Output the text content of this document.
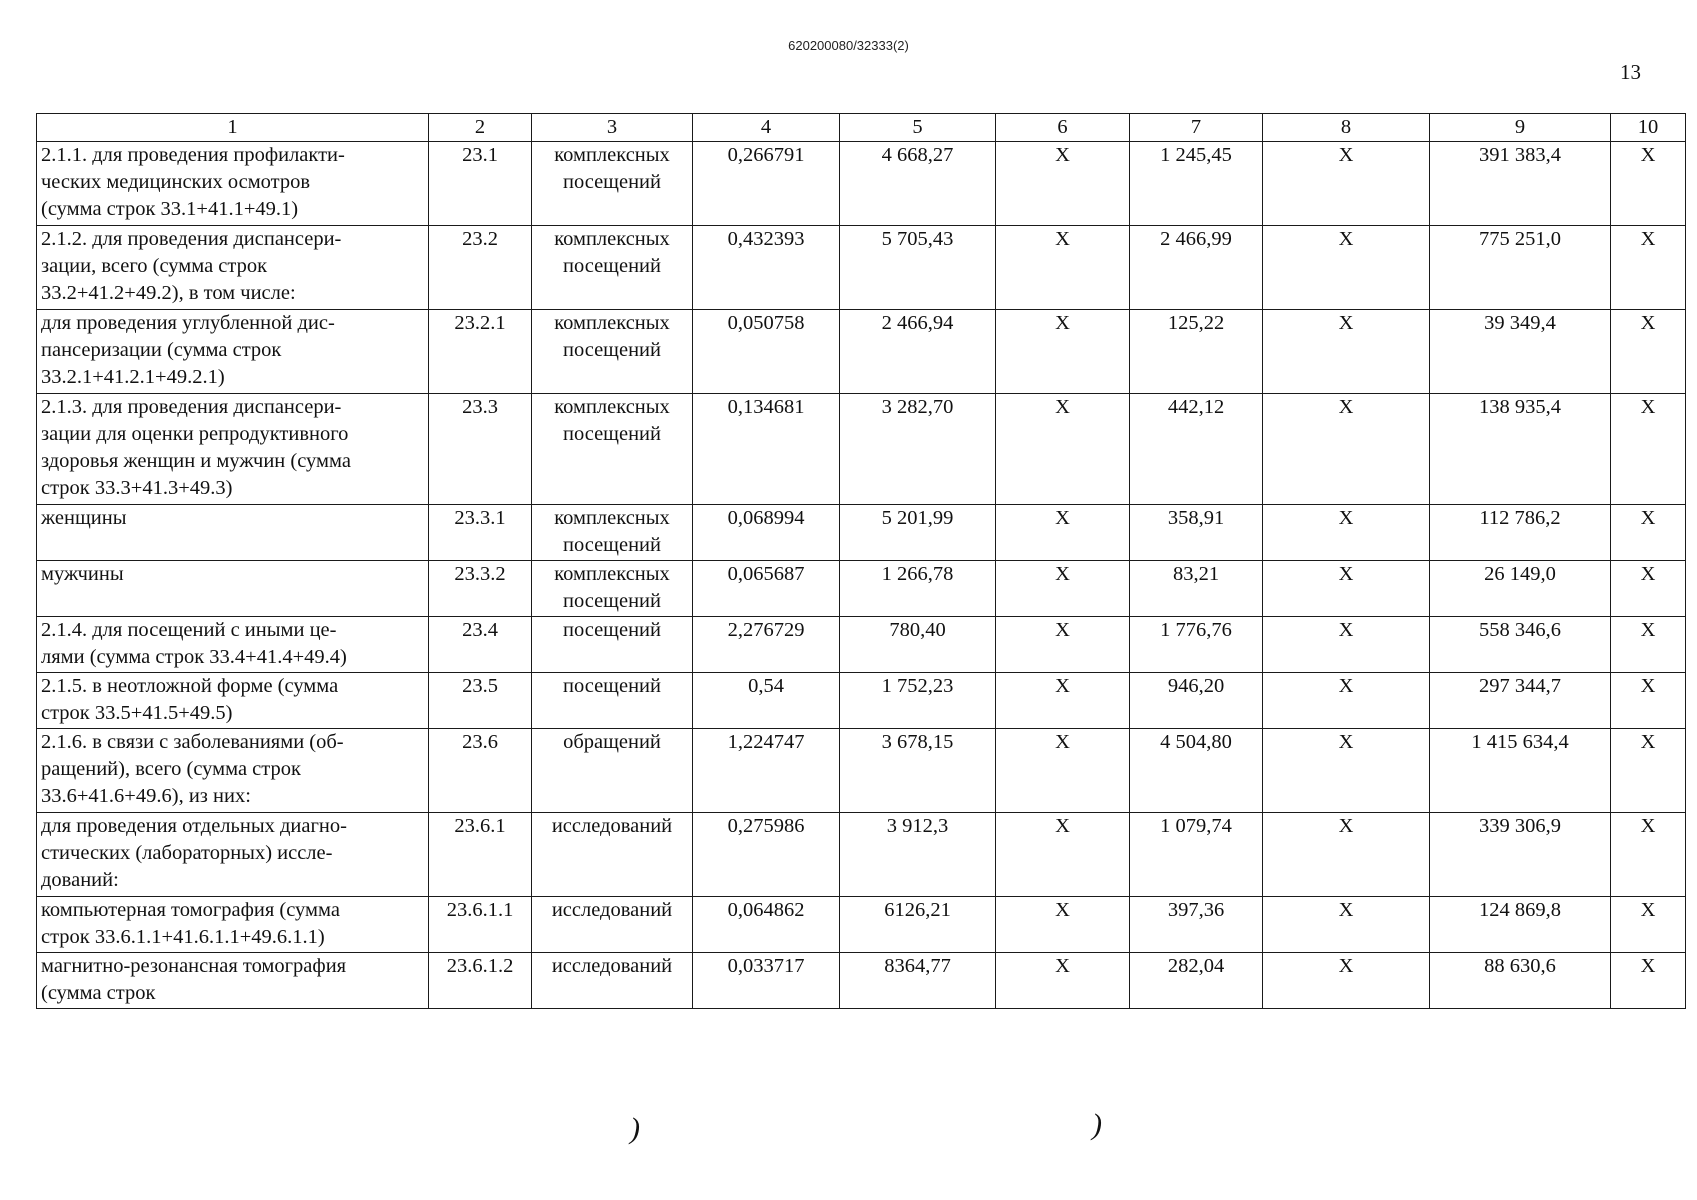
620200080/32333(2)
13
1	2	3	4	5	6	7	8	9	10
2.1.1. для проведения профилакти-
ческих медицинских осмотров
(сумма строк 33.1+41.1+49.1)	23.1	комплексных
посещений	0,266791	4 668,27	Х	1 245,45	Х	391 383,4	Х
2.1.2. для проведения диспансери-
зации, всего (сумма строк
33.2+41.2+49.2), в том числе:	23.2	комплексных
посещений	0,432393	5 705,43	Х	2 466,99	Х	775 251,0	Х
для проведения углубленной дис-
пансеризации (сумма строк
33.2.1+41.2.1+49.2.1)	23.2.1	комплексных
посещений	0,050758	2 466,94	Х	125,22	Х	39 349,4	Х
2.1.3. для проведения диспансери-
зации для оценки репродуктивного
здоровья женщин и мужчин (сумма
строк 33.3+41.3+49.3)	23.3	комплексных
посещений	0,134681	3 282,70	Х	442,12	Х	138 935,4	Х
женщины	23.3.1	комплексных
посещений	0,068994	5 201,99	Х	358,91	Х	112 786,2	Х
мужчины	23.3.2	комплексных
посещений	0,065687	1 266,78	Х	83,21	Х	26 149,0	Х
2.1.4. для посещений с иными це-
лями (сумма строк 33.4+41.4+49.4)	23.4	посещений	2,276729	780,40	Х	1 776,76	Х	558 346,6	Х
2.1.5. в неотложной форме (сумма
строк 33.5+41.5+49.5)	23.5	посещений	0,54	1 752,23	Х	946,20	Х	297 344,7	Х
2.1.6. в связи с заболеваниями (об-
ращений), всего (сумма строк
33.6+41.6+49.6), из них:	23.6	обращений	1,224747	3 678,15	Х	4 504,80	Х	1 415 634,4	Х
для проведения отдельных диагно-
стических (лабораторных) иссле-
дований:	23.6.1	исследований	0,275986	3 912,3	Х	1 079,74	Х	339 306,9	Х
компьютерная томография (сумма
строк 33.6.1.1+41.6.1.1+49.6.1.1)	23.6.1.1	исследований	0,064862	6126,21	Х	397,36	Х	124 869,8	Х
магнитно-резонансная томография
(сумма строк	23.6.1.2	исследований	0,033717	8364,77	Х	282,04	Х	88 630,6	Х
)	)
